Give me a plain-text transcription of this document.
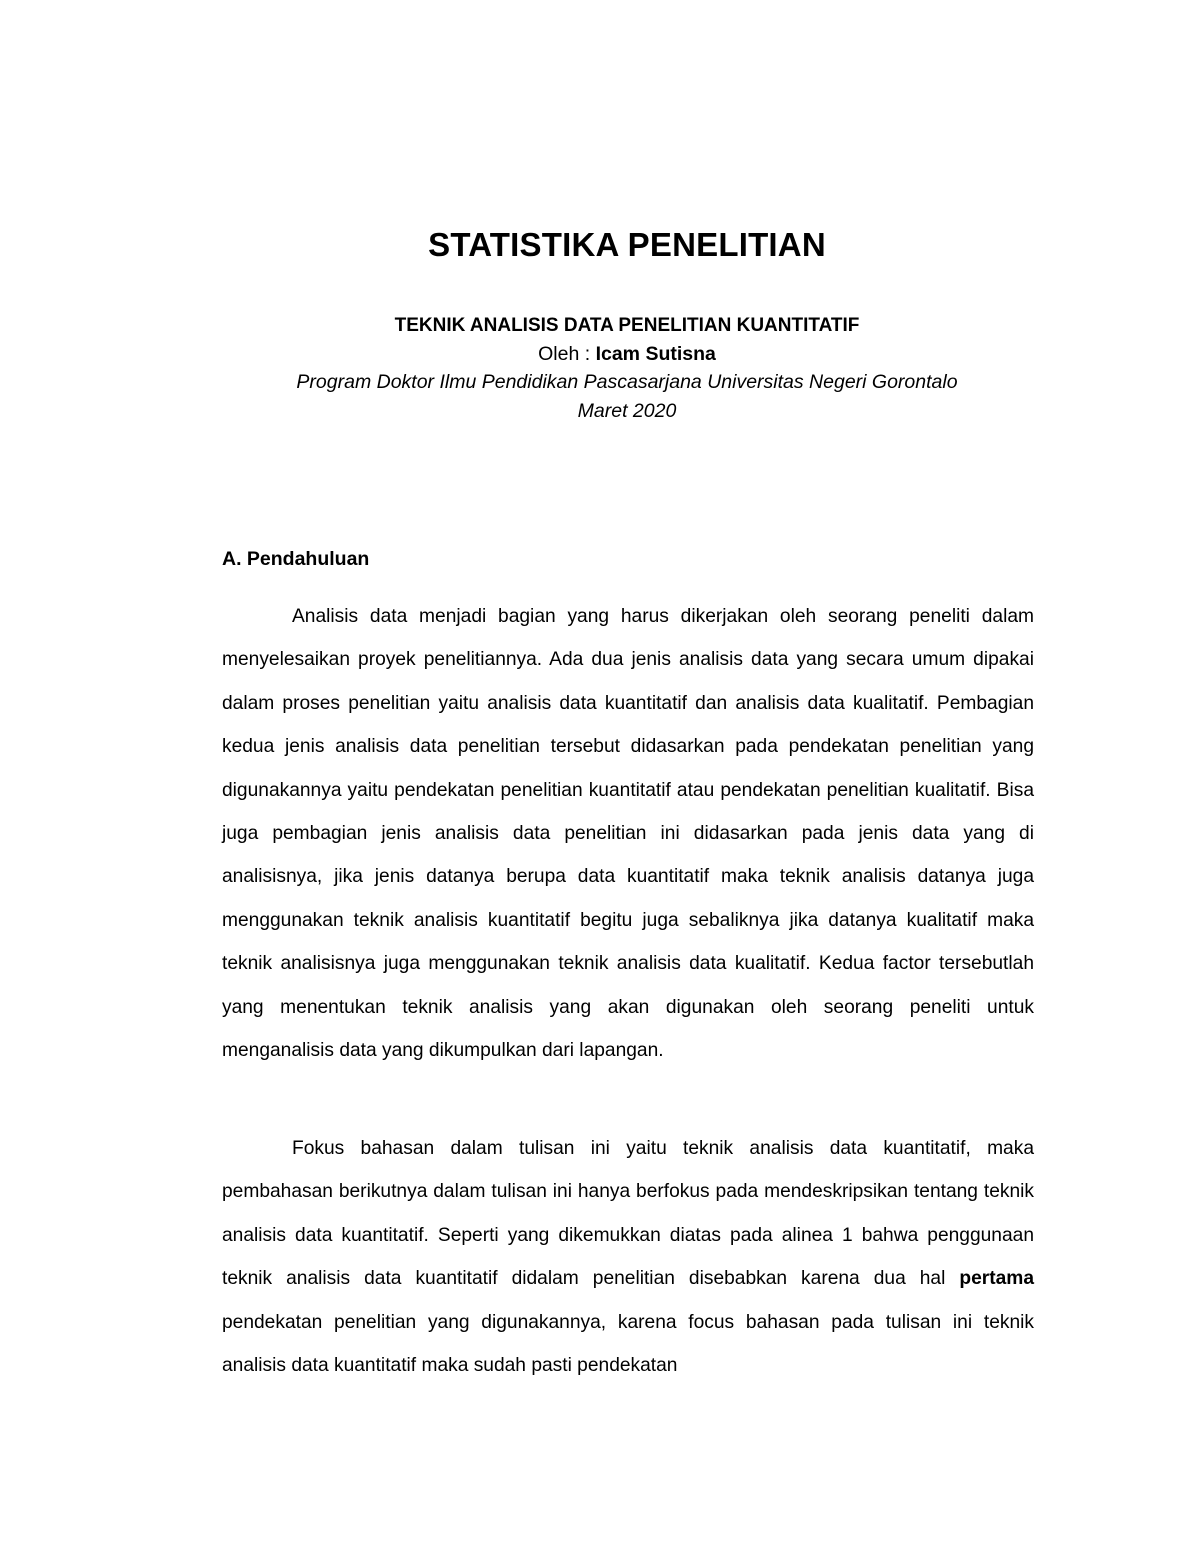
STATISTIKA PENELITIAN

TEKNIK ANALISIS DATA PENELITIAN KUANTITATIF

Oleh : Icam Sutisna

Program Doktor Ilmu Pendidikan Pascasarjana Universitas Negeri Gorontalo

Maret 2020

A. Pendahuluan

Analisis data menjadi bagian yang harus dikerjakan oleh seorang peneliti dalam menyelesaikan proyek penelitiannya. Ada dua jenis analisis data yang secara umum dipakai dalam proses penelitian yaitu analisis data kuantitatif dan analisis data kualitatif. Pembagian kedua jenis analisis data penelitian tersebut didasarkan pada pendekatan penelitian yang digunakannya yaitu pendekatan penelitian kuantitatif atau pendekatan penelitian kualitatif. Bisa juga pembagian jenis analisis data penelitian ini didasarkan pada jenis data yang di analisisnya, jika jenis datanya berupa data kuantitatif maka teknik analisis datanya juga menggunakan teknik analisis kuantitatif begitu juga sebaliknya jika datanya kualitatif maka teknik analisisnya juga menggunakan teknik analisis data kualitatif. Kedua factor tersebutlah yang menentukan teknik analisis yang akan digunakan oleh seorang peneliti untuk menganalisis data yang dikumpulkan dari lapangan.

Fokus bahasan dalam tulisan ini yaitu teknik analisis data kuantitatif, maka pembahasan berikutnya dalam tulisan ini hanya berfokus pada mendeskripsikan tentang teknik analisis data kuantitatif. Seperti yang dikemukkan diatas pada alinea 1 bahwa penggunaan teknik analisis data kuantitatif didalam penelitian disebabkan karena dua hal pertama pendekatan penelitian yang digunakannya, karena focus bahasan pada tulisan ini teknik analisis data kuantitatif maka sudah pasti pendekatan
